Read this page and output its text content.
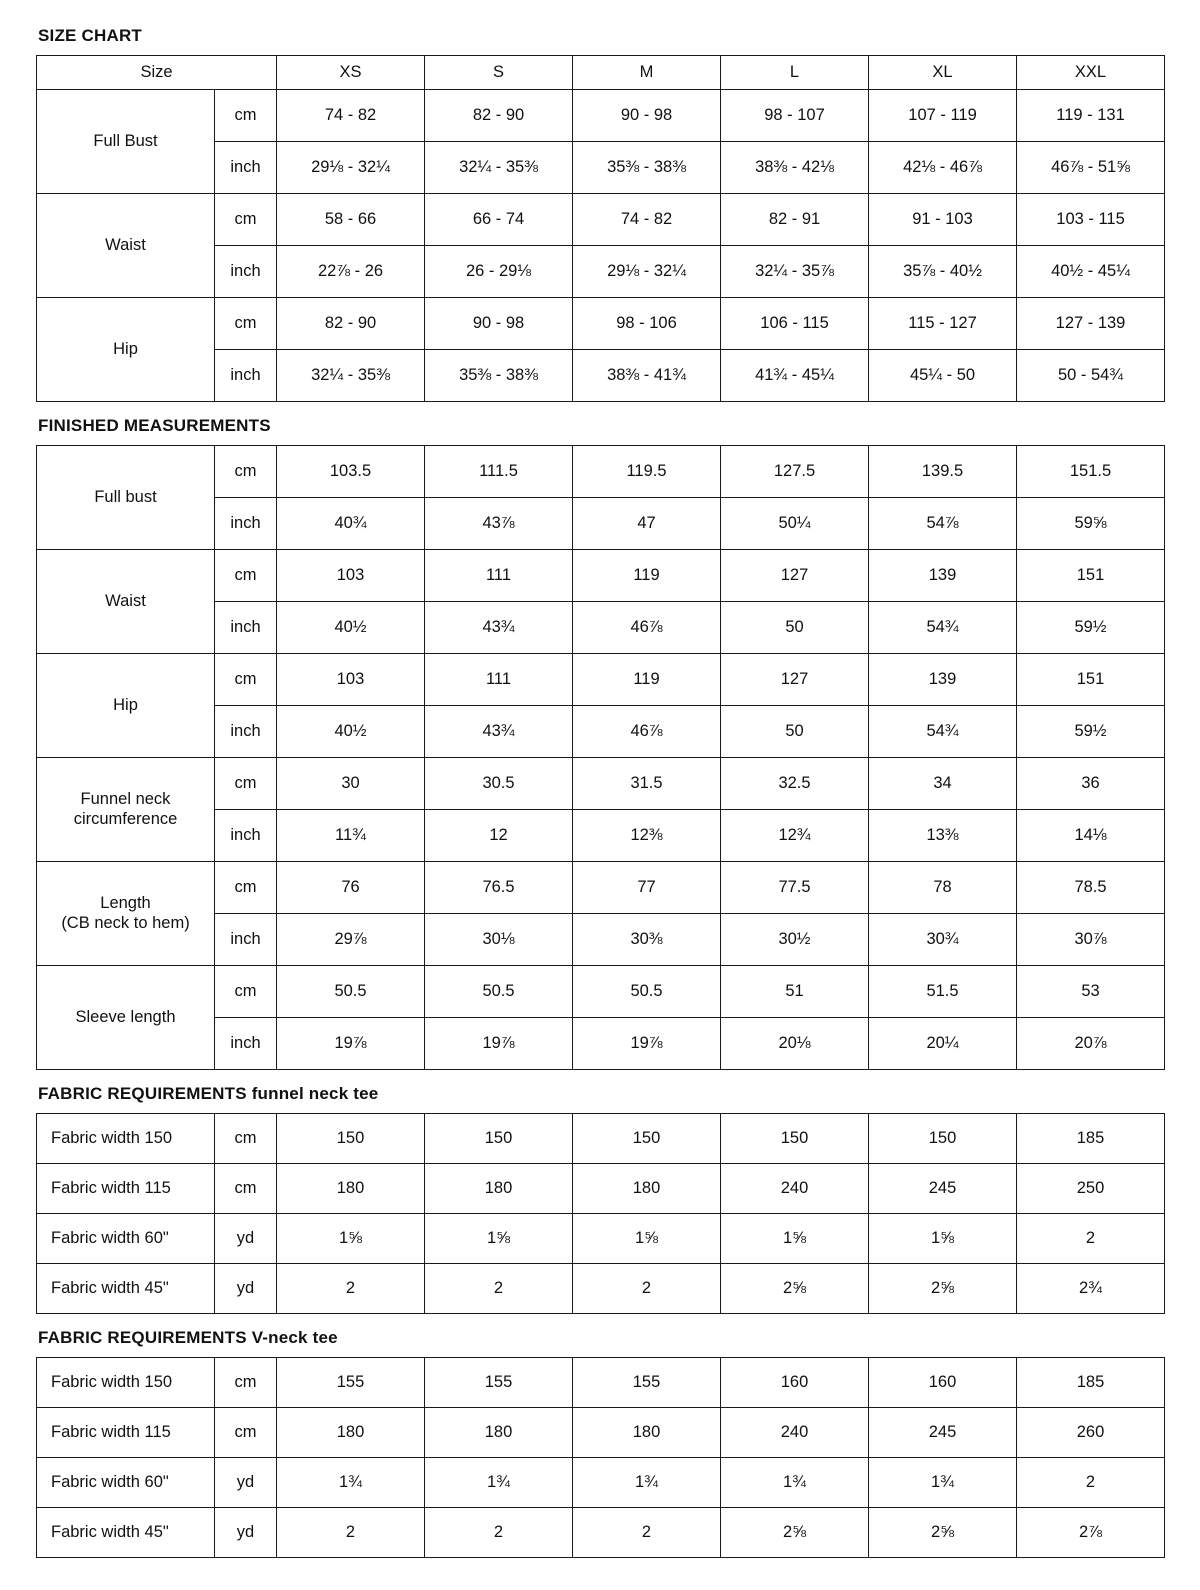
SIZE CHART
Size		XS	S	M	L	XL	XXL
Full Bust	cm	74 - 82	82 - 90	90 - 98	98 - 107	107 - 119	119 - 131
	inch	29⅛ - 32¼	32¼ - 35⅜	35⅜ - 38⅜	38⅜ - 42⅛	42⅛ - 46⅞	46⅞ - 51⅝
Waist	cm	58 - 66	66 - 74	74 - 82	82 - 91	91 - 103	103 - 115
	inch	22⅞ - 26	26 - 29⅛	29⅛ - 32¼	32¼ - 35⅞	35⅞ - 40½	40½ - 45¼
Hip	cm	82 - 90	90 - 98	98 - 106	106 - 115	115 - 127	127 - 139
	inch	32¼ - 35⅜	35⅜ - 38⅜	38⅜ - 41¾	41¾ - 45¼	45¼ - 50	50 - 54¾
FINISHED MEASUREMENTS
Full bust	cm	103.5	111.5	119.5	127.5	139.5	151.5
	inch	40¾	43⅞	47	50¼	54⅞	59⅝
Waist	cm	103	111	119	127	139	151
	inch	40½	43¾	46⅞	50	54¾	59½
Hip	cm	103	111	119	127	139	151
	inch	40½	43¾	46⅞	50	54¾	59½
Funnel neck
circumference	cm	30	30.5	31.5	32.5	34	36
	inch	11¾	12	12⅜	12¾	13⅜	14⅛
Length
(CB neck to hem)	cm	76	76.5	77	77.5	78	78.5
	inch	29⅞	30⅛	30⅜	30½	30¾	30⅞
Sleeve length	cm	50.5	50.5	50.5	51	51.5	53
	inch	19⅞	19⅞	19⅞	20⅛	20¼	20⅞
FABRIC REQUIREMENTS funnel neck tee
Fabric width 150	cm	150	150	150	150	150	185
Fabric width 115	cm	180	180	180	240	245	250
Fabric width 60"	yd	1⅝	1⅝	1⅝	1⅝	1⅝	2
Fabric width 45"	yd	2	2	2	2⅝	2⅝	2¾
FABRIC REQUIREMENTS V-neck tee
Fabric width 150	cm	155	155	155	160	160	185
Fabric width 115	cm	180	180	180	240	245	260
Fabric width 60"	yd	1¾	1¾	1¾	1¾	1¾	2
Fabric width 45"	yd	2	2	2	2⅝	2⅝	2⅞
